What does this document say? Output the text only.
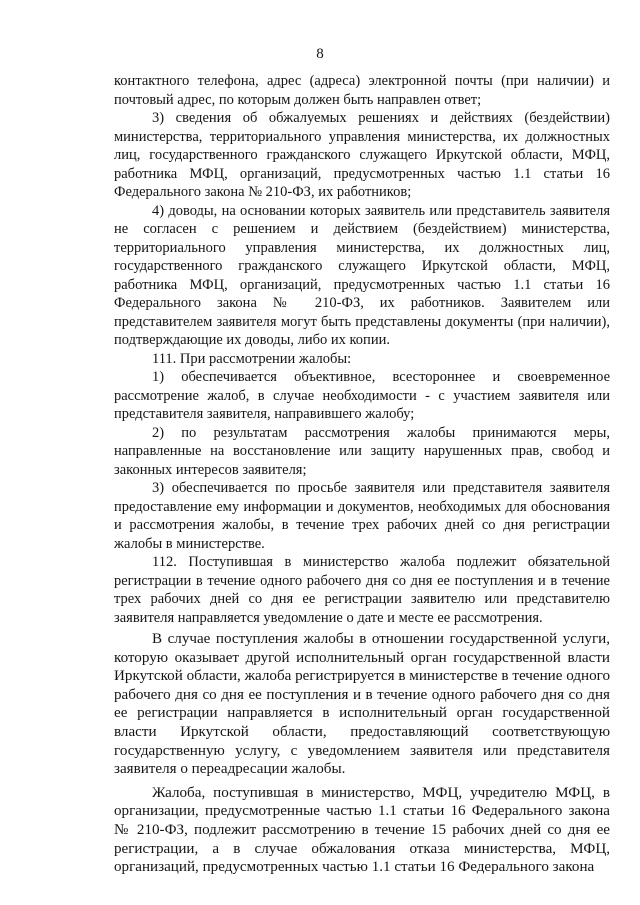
8

контактного телефона, адрес (адреса) электронной почты (при наличии) и почтовый адрес, по которым должен быть направлен ответ;

3) сведения об обжалуемых решениях и действиях (бездействии) министерства, территориального управления министерства, их должностных лиц, государственного гражданского служащего Иркутской области, МФЦ, работника МФЦ, организаций, предусмотренных частью 1.1 статьи 16 Федерального закона № 210-ФЗ, их работников;

4) доводы, на основании которых заявитель или представитель заявителя не согласен с решением и действием (бездействием) министерства, территориального управления министерства, их должностных лиц, государственного гражданского служащего Иркутской области, МФЦ, работника МФЦ, организаций, предусмотренных частью 1.1 статьи 16 Федерального закона № 210-ФЗ, их работников. Заявителем или представителем заявителя могут быть представлены документы (при наличии), подтверждающие их доводы, либо их копии.

111. При рассмотрении жалобы:

1) обеспечивается объективное, всестороннее и своевременное рассмотрение жалоб, в случае необходимости - с участием заявителя или представителя заявителя, направившего жалобу;

2) по результатам рассмотрения жалобы принимаются меры, направленные на восстановление или защиту нарушенных прав, свобод и законных интересов заявителя;

3) обеспечивается по просьбе заявителя или представителя заявителя предоставление ему информации и документов, необходимых для обоснования и рассмотрения жалобы, в течение трех рабочих дней со дня регистрации жалобы в министерстве.

112. Поступившая в министерство жалоба подлежит обязательной регистрации в течение одного рабочего дня со дня ее поступления и в течение трех рабочих дней со дня ее регистрации заявителю или представителю заявителя направляется уведомление о дате и месте ее рассмотрения.

В случае поступления жалобы в отношении государственной услуги, которую оказывает другой исполнительный орган государственной власти Иркутской области, жалоба регистрируется в министерстве в течение одного рабочего дня со дня ее поступления и в течение одного рабочего дня со дня ее регистрации направляется в исполнительный орган государственной власти Иркутской области, предоставляющий соответствующую государственную услугу, с уведомлением заявителя или представителя заявителя о переадресации жалобы.

Жалоба, поступившая в министерство, МФЦ, учредителю МФЦ, в организации, предусмотренные частью 1.1 статьи 16 Федерального закона № 210-ФЗ, подлежит рассмотрению в течение 15 рабочих дней со дня ее регистрации, а в случае обжалования отказа министерства, МФЦ, организаций, предусмотренных частью 1.1 статьи 16 Федерального закона
